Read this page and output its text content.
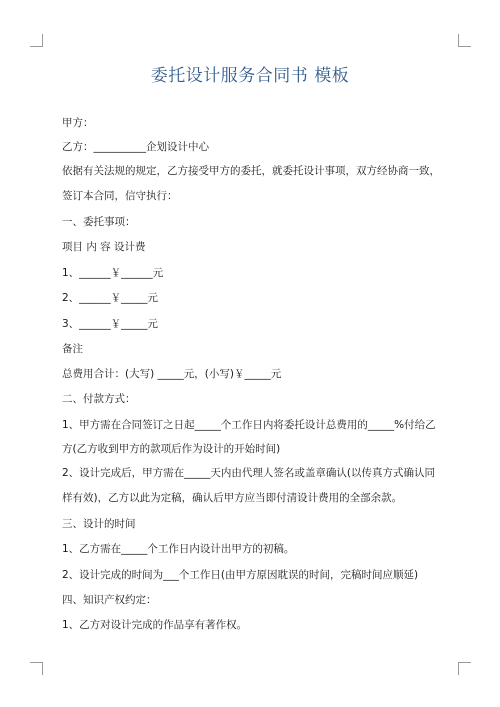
委托设计服务合同书 模板
甲方：
乙方：__________企划设计中心
依据有关法规的规定，乙方接受甲方的委托，就委托设计事项，双方经协商一致，
签订本合同，信守执行：
一、委托事项：
项目 内 容 设计费
1、______￥______元
2、______￥_____元
3、______￥_____元
备注
总费用合计：(大写) _____元，(小写)￥_____元
二、付款方式：
1、甲方需在合同签订之日起_____个工作日内将委托设计总费用的_____%付给乙
方(乙方收到甲方的款项后作为设计的开始时间)
2、设计完成后，甲方需在_____天内由代理人签名或盖章确认(以传真方式确认同
样有效)，乙方以此为定稿，确认后甲方应当即付清设计费用的全部余款。
三、设计的时间
1、乙方需在_____个工作日内设计出甲方的初稿。
2、设计完成的时间为___个工作日(由甲方原因耽误的时间，完稿时间应顺延)
四、知识产权约定：
1、乙方对设计完成的作品享有著作权。
